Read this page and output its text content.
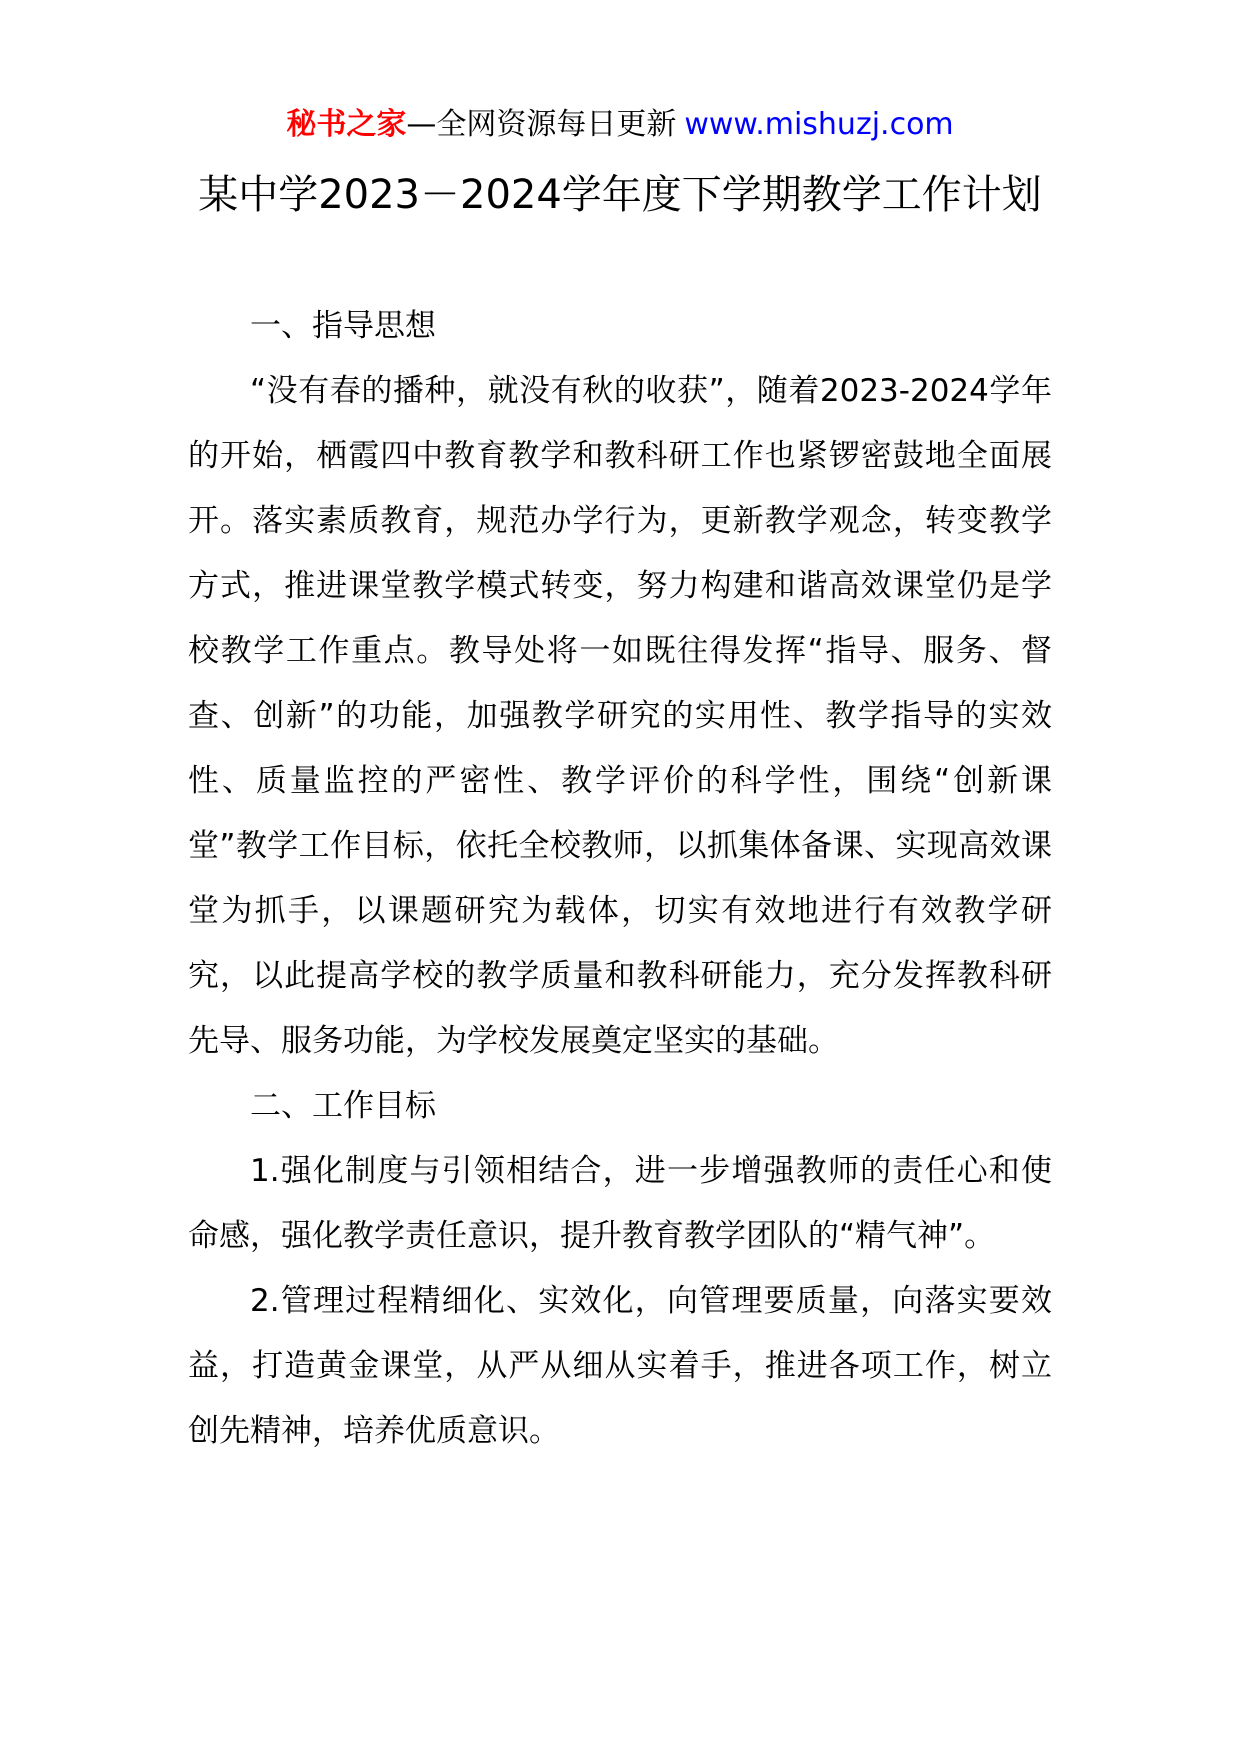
秘书之家—全网资源每日更新 www.mishuzj.com
某中学2023－2024学年度下学期教学工作计划

一、指导思想

“没有春的播种，就没有秋的收获”，随着2023-2024学年的开始，栖霞四中教育教学和教科研工作也紧锣密鼓地全面展开。落实素质教育，规范办学行为，更新教学观念，转变教学方式，推进课堂教学模式转变，努力构建和谐高效课堂仍是学校教学工作重点。教导处将一如既往得发挥“指导、服务、督查、创新”的功能，加强教学研究的实用性、教学指导的实效性、质量监控的严密性、教学评价的科学性，围绕“创新课堂”教学工作目标，依托全校教师，以抓集体备课、实现高效课堂为抓手，以课题研究为载体，切实有效地进行有效教学研究，以此提高学校的教学质量和教科研能力，充分发挥教科研先导、服务功能，为学校发展奠定坚实的基础。

二、工作目标

1.强化制度与引领相结合，进一步增强教师的责任心和使命感，强化教学责任意识，提升教育教学团队的“精气神”。

2.管理过程精细化、实效化，向管理要质量，向落实要效益，打造黄金课堂，从严从细从实着手，推进各项工作，树立创先精神，培养优质意识。
